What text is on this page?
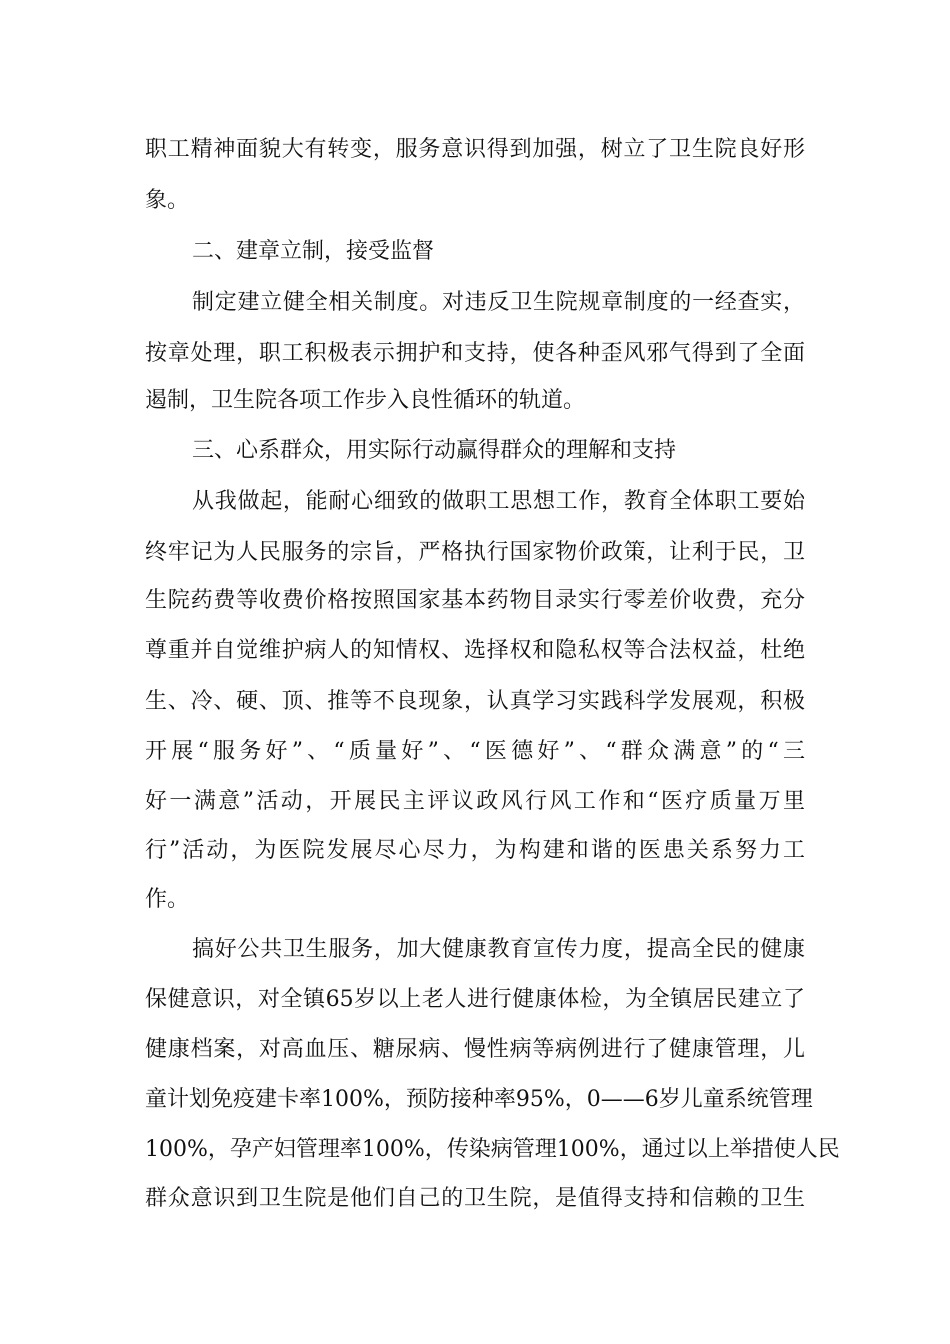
职工精神面貌大有转变，服务意识得到加强，树立了卫生院良好形
象。
二、建章立制，接受监督
制定建立健全相关制度。对违反卫生院规章制度的一经查实，
按章处理，职工积极表示拥护和支持，使各种歪风邪气得到了全面
遏制，卫生院各项工作步入良性循环的轨道。
三、心系群众，用实际行动赢得群众的理解和支持
从我做起，能耐心细致的做职工思想工作，教育全体职工要始
终牢记为人民服务的宗旨，严格执行国家物价政策，让利于民，卫
生院药费等收费价格按照国家基本药物目录实行零差价收费，充分
尊重并自觉维护病人的知情权、选择权和隐私权等合法权益，杜绝
生、冷、硬、顶、推等不良现象，认真学习实践科学发展观，积极
开展“服务好”、“质量好”、“医德好”、“群众满意”的“三
好一满意”活动，开展民主评议政风行风工作和“医疗质量万里
行”活动，为医院发展尽心尽力，为构建和谐的医患关系努力工
作。
搞好公共卫生服务，加大健康教育宣传力度，提高全民的健康
保健意识，对全镇65岁以上老人进行健康体检，为全镇居民建立了
健康档案，对高血压、糖尿病、慢性病等病例进行了健康管理，儿
童计划免疫建卡率100%，预防接种率95%，0——6岁儿童系统管理
100%，孕产妇管理率100%，传染病管理100%，通过以上举措使人民
群众意识到卫生院是他们自己的卫生院，是值得支持和信赖的卫生
